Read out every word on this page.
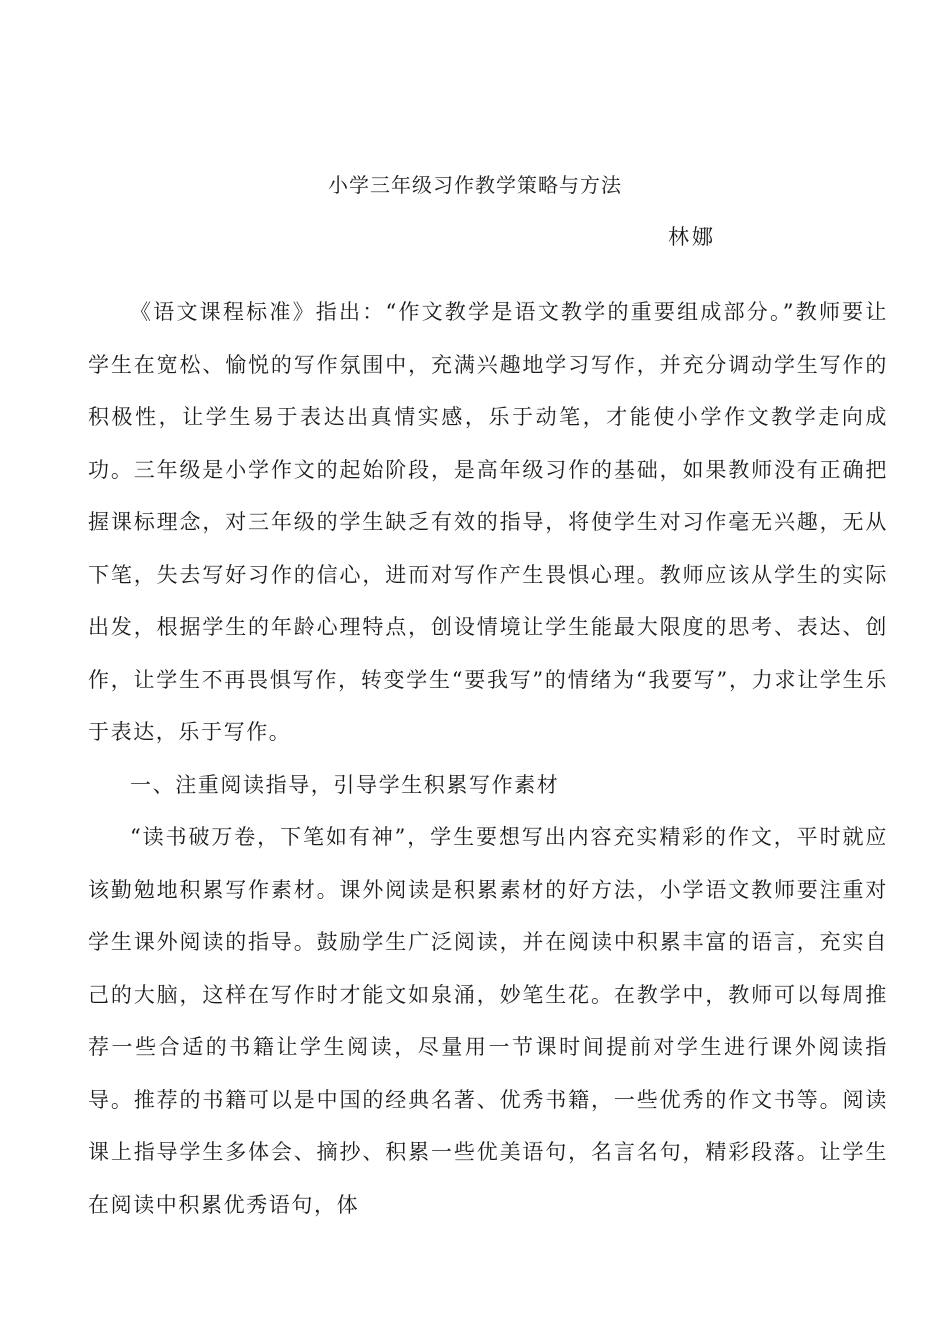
小学三年级习作教学策略与方法
林娜

《语文课程标准》指出：“作文教学是语文教学的重要组成部分。”教师要让学生在宽松、愉悦的写作氛围中，充满兴趣地学习写作，并充分调动学生写作的积极性，让学生易于表达出真情实感，乐于动笔，才能使小学作文教学走向成功。三年级是小学作文的起始阶段，是高年级习作的基础，如果教师没有正确把握课标理念，对三年级的学生缺乏有效的指导，将使学生对习作毫无兴趣，无从下笔，失去写好习作的信心，进而对写作产生畏惧心理。教师应该从学生的实际出发，根据学生的年龄心理特点，创设情境让学生能最大限度的思考、表达、创作，让学生不再畏惧写作，转变学生“要我写”的情绪为“我要写”，力求让学生乐于表达，乐于写作。

一、注重阅读指导，引导学生积累写作素材

“读书破万卷，下笔如有神”，学生要想写出内容充实精彩的作文，平时就应该勤勉地积累写作素材。课外阅读是积累素材的好方法，小学语文教师要注重对学生课外阅读的指导。鼓励学生广泛阅读，并在阅读中积累丰富的语言，充实自己的大脑，这样在写作时才能文如泉涌，妙笔生花。在教学中，教师可以每周推荐一些合适的书籍让学生阅读，尽量用一节课时间提前对学生进行课外阅读指导。推荐的书籍可以是中国的经典名著、优秀书籍，一些优秀的作文书等。阅读课上指导学生多体会、摘抄、积累一些优美语句，名言名句，精彩段落。让学生在阅读中积累优秀语句，体
